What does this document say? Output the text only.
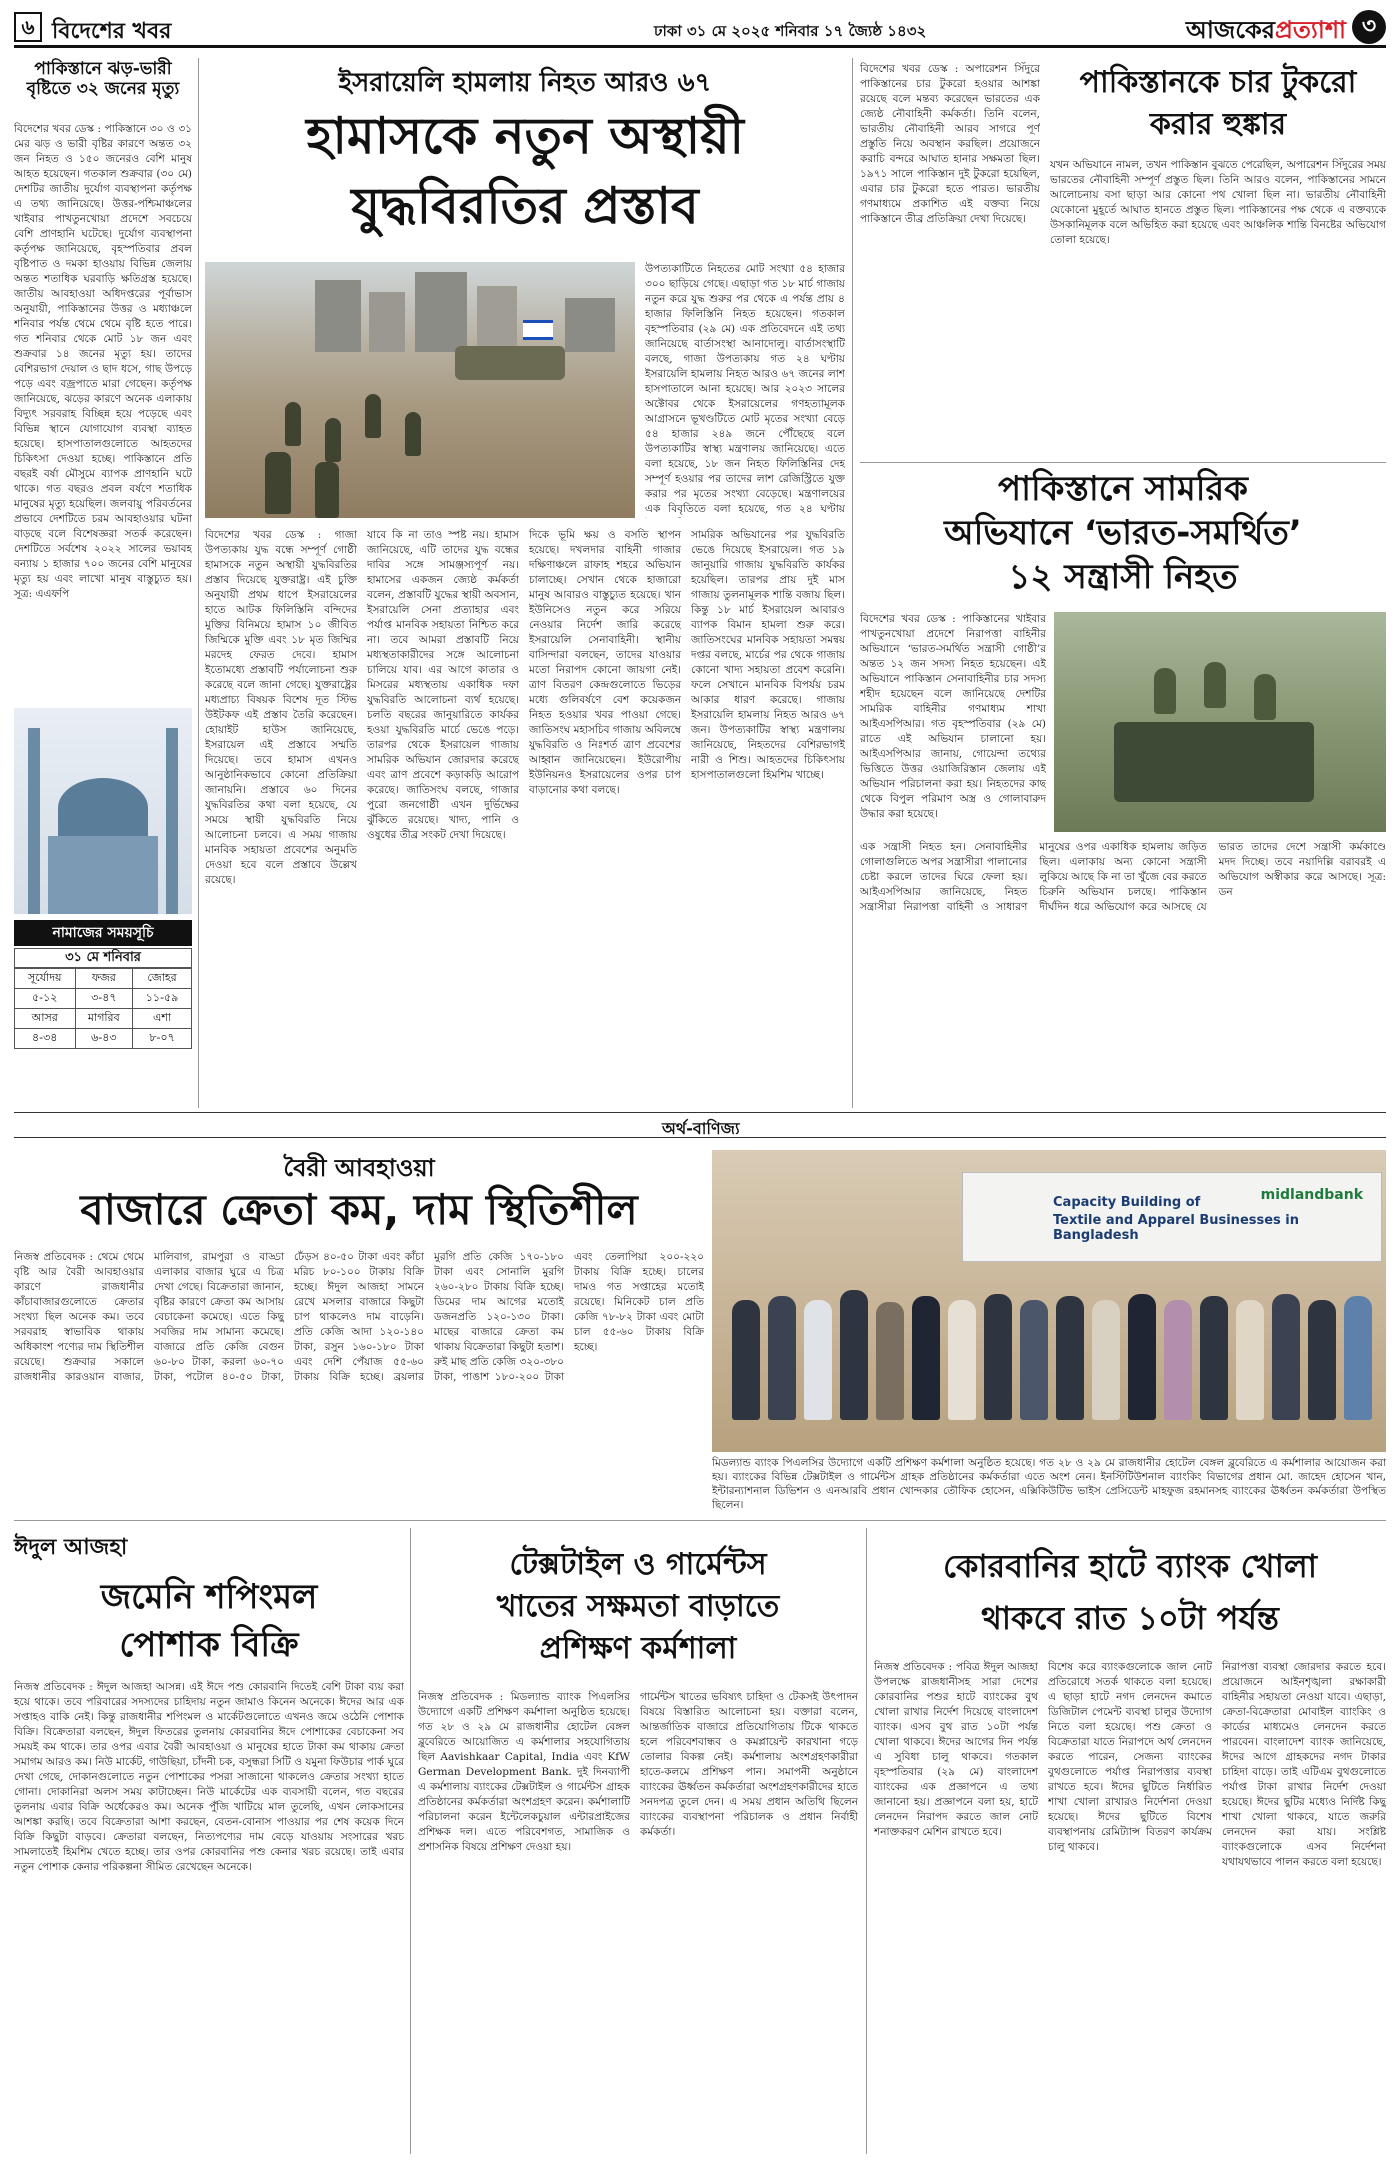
৬ বিদেশের খবর	ঢাকা ৩১ মে ২০২৫ শনিবার ১৭ জ্যৈষ্ঠ ১৪৩২	আজকেরপ্রত্যাশা ৩
পাকিস্তানে ঝড়-ভারী বৃষ্টিতে ৩২ জনের মৃত্যু
বিদেশের খবর ডেস্ক : পাকিস্তানে ৩০ ও ৩১ মের ঝড় ও ভারী বৃষ্টির কারণে অন্তত ৩২ জন নিহত ও ১৫০ জনেরও বেশি মানুষ আহত হয়েছেন। গতকাল শুক্রবার (৩০ মে) দেশটির জাতীয় দুর্যোগ ব্যবস্থাপনা কর্তৃপক্ষ এ তথ্য জানিয়েছে। উত্তর-পশ্চিমাঞ্চলের খাইবার পাখতুনখোয়া প্রদেশে সবচেয়ে বেশি প্রাণহানি ঘটেছে। দুর্যোগ ব্যবস্থাপনা কর্তৃপক্ষ জানিয়েছে, বৃহস্পতিবার প্রবল বৃষ্টিপাত ও দমকা হাওয়ায় বিভিন্ন জেলায় অন্তত শতাধিক ঘরবাড়ি ক্ষতিগ্রস্ত হয়েছে। জাতীয় আবহাওয়া অধিদপ্তরের পূর্বাভাস অনুযায়ী, পাকিস্তানের উত্তর ও মধ্যাঞ্চলে শনিবার পর্যন্ত থেমে থেমে বৃষ্টি হতে পারে। গত শনিবার থেকে মোট ১৮ জন এবং শুক্রবার ১৪ জনের মৃত্যু হয়। তাদের বেশিরভাগ দেয়াল ও ছাদ ধসে, গাছ উপড়ে পড়ে এবং বজ্রপাতে মারা গেছেন। কর্তৃপক্ষ জানিয়েছে, ঝড়ের কারণে অনেক এলাকায় বিদ্যুৎ সরবরাহ বিচ্ছিন্ন হয়ে পড়েছে এবং বিভিন্ন স্থানে যোগাযোগ ব্যবস্থা ব্যাহত হয়েছে। হাসপাতালগুলোতে আহতদের চিকিৎসা দেওয়া হচ্ছে। পাকিস্তানে প্রতি বছরই বর্ষা মৌসুমে ব্যাপক প্রাণহানি ঘটে থাকে। গত বছরও প্রবল বর্ষণে শতাধিক মানুষের মৃত্যু হয়েছিল। জলবায়ু পরিবর্তনের প্রভাবে দেশটিতে চরম আবহাওয়ার ঘটনা বাড়ছে বলে বিশেষজ্ঞরা সতর্ক করেছেন। দেশটিতে সর্বশেষ ২০২২ সালের ভয়াবহ বন্যায় ১ হাজার ৭০০ জনের বেশি মানুষের মৃত্যু হয় এবং লাখো মানুষ বাস্তুচ্যুত হয়। সূত্র: এএফপি
নামাজের সময়সূচি
৩১ মে শনিবার
সূর্যোদয়	ফজর	জোহর
৫-১২	৩-৪৭	১১-৫৯
আসর	মাগরিব	এশা
৪-৩৪	৬-৪৩	৮-০৭
ইসরায়েলি হামলায় নিহত আরও ৬৭
হামাসকে নতুন অস্থায়ী
যুদ্ধবিরতির প্রস্তাব
উপত্যকাটিতে নিহতের মোট সংখ্যা ৫৪ হাজার ৩০০ ছাড়িয়ে গেছে। এছাড়া গত ১৮ মার্চ গাজায় নতুন করে যুদ্ধ শুরুর পর থেকে এ পর্যন্ত প্রায় ৪ হাজার ফিলিস্তিনি নিহত হয়েছেন। গতকাল বৃহস্পতিবার (২৯ মে) এক প্রতিবেদনে এই তথ্য জানিয়েছে বার্তাসংস্থা আনাদোলু। বার্তাসংস্থাটি বলছে, গাজা উপত্যকায় গত ২৪ ঘণ্টায় ইসরায়েলি হামলায় নিহত আরও ৬৭ জনের লাশ হাসপাতালে আনা হয়েছে। আর ২০২৩ সালের অক্টোবর থেকে ইসরায়েলের গণহত্যামূলক আগ্রাসনে ভূখণ্ডটিতে মোট মৃতের সংখ্যা বেড়ে ৫৪ হাজার ২৪৯ জনে পৌঁছেছে বলে উপত্যকাটির স্বাস্থ্য মন্ত্রণালয় জানিয়েছে। এতে বলা হয়েছে, ১৮ জন নিহত ফিলিস্তিনির দেহ সম্পূর্ণ হওয়ার পর তাদের লাশ রেজিস্ট্রিতে যুক্ত করার পর মৃতের সংখ্যা বেড়েছে। মন্ত্রণালয়ের এক বিবৃতিতে বলা হয়েছে, গত ২৪ ঘণ্টায়
বিদেশের খবর ডেস্ক : গাজা উপত্যকায় যুদ্ধ বন্ধে সম্পূর্ণ গোষ্ঠী হামাসকে নতুন অস্থায়ী যুদ্ধবিরতির প্রস্তাব দিয়েছে যুক্তরাষ্ট্র। এই চুক্তি অনুযায়ী প্রথম ধাপে ইসরায়েলের হাতে আটক ফিলিস্তিনি বন্দিদের মুক্তির বিনিময়ে হামাস ১০ জীবিত জিম্মিকে মুক্তি এবং ১৮ মৃত জিম্মির মরদেহ ফেরত দেবে। হামাস ইতোমধ্যে প্রস্তাবটি পর্যালোচনা শুরু করেছে বলে জানা গেছে। যুক্তরাষ্ট্রের মধ্যপ্রাচ্য বিষয়ক বিশেষ দূত স্টিভ উইটকফ এই প্রস্তাব তৈরি করেছেন। হোয়াইট হাউস জানিয়েছে, ইসরায়েল এই প্রস্তাবে সম্মতি দিয়েছে। তবে হামাস এখনও আনুষ্ঠানিকভাবে কোনো প্রতিক্রিয়া জানায়নি। প্রস্তাবে ৬০ দিনের যুদ্ধবিরতির কথা বলা হয়েছে, যে সময়ে স্থায়ী যুদ্ধবিরতি নিয়ে আলোচনা চলবে। এ সময় গাজায় মানবিক সহায়তা প্রবেশের অনুমতি দেওয়া হবে বলে প্রস্তাবে উল্লেখ রয়েছে।
যাবে কি না তাও স্পষ্ট নয়। হামাস জানিয়েছে, এটি তাদের যুদ্ধ বন্ধের দাবির সঙ্গে সামঞ্জস্যপূর্ণ নয়। হামাসের একজন জ্যেষ্ঠ কর্মকর্তা বলেন, প্রস্তাবটি যুদ্ধের স্থায়ী অবসান, ইসরায়েলি সেনা প্রত্যাহার এবং পর্যাপ্ত মানবিক সহায়তা নিশ্চিত করে না। তবে আমরা প্রস্তাবটি নিয়ে মধ্যস্থতাকারীদের সঙ্গে আলোচনা চালিয়ে যাব। এর আগে কাতার ও মিসরের মধ্যস্থতায় একাধিক দফা যুদ্ধবিরতি আলোচনা ব্যর্থ হয়েছে। চলতি বছরের জানুয়ারিতে কার্যকর হওয়া যুদ্ধবিরতি মার্চে ভেঙে পড়ে। তারপর থেকে ইসরায়েল গাজায় সামরিক অভিযান জোরদার করেছে এবং ত্রাণ প্রবেশে কড়াকড়ি আরোপ করেছে। জাতিসংঘ বলছে, গাজার পুরো জনগোষ্ঠী এখন দুর্ভিক্ষের ঝুঁকিতে রয়েছে। খাদ্য, পানি ও ওষুধের তীব্র সংকট দেখা দিয়েছে।
দিকে ভূমি ক্ষয় ও বসতি স্থাপন হয়েছে। দখলদার বাহিনী গাজার দক্ষিণাঞ্চলে রাফাহ শহরে অভিযান চালাচ্ছে। সেখান থেকে হাজারো মানুষ আবারও বাস্তুচ্যুত হয়েছে। খান ইউনিসেও নতুন করে সরিয়ে নেওয়ার নির্দেশ জারি করেছে ইসরায়েলি সেনাবাহিনী। স্থানীয় বাসিন্দারা বলছেন, তাদের যাওয়ার মতো নিরাপদ কোনো জায়গা নেই। ত্রাণ বিতরণ কেন্দ্রগুলোতে ভিড়ের মধ্যে গুলিবর্ষণে বেশ কয়েকজন নিহত হওয়ার খবর পাওয়া গেছে। জাতিসংঘ মহাসচিব গাজায় অবিলম্বে যুদ্ধবিরতি ও নিঃশর্ত ত্রাণ প্রবেশের আহ্বান জানিয়েছেন। ইউরোপীয় ইউনিয়নও ইসরায়েলের ওপর চাপ বাড়ানোর কথা বলছে।
সামরিক অভিযানের পর যুদ্ধবিরতি ভেঙে দিয়েছে ইসরায়েল। গত ১৯ জানুয়ারি গাজায় যুদ্ধবিরতি কার্যকর হয়েছিল। তারপর প্রায় দুই মাস গাজায় তুলনামূলক শান্তি বজায় ছিল। কিন্তু ১৮ মার্চ ইসরায়েল আবারও ব্যাপক বিমান হামলা শুরু করে। জাতিসংঘের মানবিক সহায়তা সমন্বয় দপ্তর বলছে, মার্চের পর থেকে গাজায় কোনো খাদ্য সহায়তা প্রবেশ করেনি। ফলে সেখানে মানবিক বিপর্যয় চরম আকার ধারণ করেছে। গাজায় ইসরায়েলি হামলায় নিহত আরও ৬৭ জন। উপত্যকাটির স্বাস্থ্য মন্ত্রণালয় জানিয়েছে, নিহতদের বেশিরভাগই নারী ও শিশু। আহতদের চিকিৎসায় হাসপাতালগুলো হিমশিম খাচ্ছে।
বিদেশের খবর ডেস্ক : অপারেশন সিঁদুরে পাকিস্তানের চার টুকরো হওয়ার আশঙ্কা রয়েছে বলে মন্তব্য করেছেন ভারতের এক জ্যেষ্ঠ নৌবাহিনী কর্মকর্তা। তিনি বলেন, ভারতীয় নৌবাহিনী আরব সাগরে পূর্ণ প্রস্তুতি নিয়ে অবস্থান করছিল। প্রয়োজনে করাচি বন্দরে আঘাত হানার সক্ষমতা ছিল। ১৯৭১ সালে পাকিস্তান দুই টুকরো হয়েছিল, এবার চার টুকরো হতে পারত। ভারতীয় গণমাধ্যমে প্রকাশিত এই বক্তব্য নিয়ে পাকিস্তানে তীব্র প্রতিক্রিয়া দেখা দিয়েছে।
পাকিস্তানকে চার টুকরো
করার হুঙ্কার
যখন অভিযানে নামল, তখন পাকিস্তান বুঝতে পেরেছিল, অপারেশন সিঁদুরের সময় ভারতের নৌবাহিনী সম্পূর্ণ প্রস্তুত ছিল। তিনি আরও বলেন, পাকিস্তানের সামনে আলোচনায় বসা ছাড়া আর কোনো পথ খোলা ছিল না। ভারতীয় নৌবাহিনী যেকোনো মুহূর্তে আঘাত হানতে প্রস্তুত ছিল। পাকিস্তানের পক্ষ থেকে এ বক্তব্যকে উসকানিমূলক বলে অভিহিত করা হয়েছে এবং আঞ্চলিক শান্তি বিনষ্টের অভিযোগ তোলা হয়েছে।
পাকিস্তানে সামরিক
অভিযানে ‘ভারত-সমর্থিত’
১২ সন্ত্রাসী নিহত
বিদেশের খবর ডেস্ক : পাকিস্তানের খাইবার পাখতুনখোয়া প্রদেশে নিরাপত্তা বাহিনীর অভিযানে ‘ভারত-সমর্থিত সন্ত্রাসী গোষ্ঠী’র অন্তত ১২ জন সদস্য নিহত হয়েছেন। এই অভিযানে পাকিস্তান সেনাবাহিনীর চার সদস্য শহীদ হয়েছেন বলে জানিয়েছে দেশটির সামরিক বাহিনীর গণমাধ্যম শাখা আইএসপিআর। গত বৃহস্পতিবার (২৯ মে) রাতে এই অভিযান চালানো হয়। আইএসপিআর জানায়, গোয়েন্দা তথ্যের ভিত্তিতে উত্তর ওয়াজিরিস্তান জেলায় এই অভিযান পরিচালনা করা হয়। নিহতদের কাছ থেকে বিপুল পরিমাণ অস্ত্র ও গোলাবারুদ উদ্ধার করা হয়েছে।
এক সন্ত্রাসী নিহত হন। সেনাবাহিনীর গোলাগুলিতে অপর সন্ত্রাসীরা পালানোর চেষ্টা করলে তাদের ঘিরে ফেলা হয়। আইএসপিআর জানিয়েছে, নিহত সন্ত্রাসীরা নিরাপত্তা বাহিনী ও সাধারণ মানুষের ওপর একাধিক হামলায় জড়িত ছিল। এলাকায় অন্য কোনো সন্ত্রাসী লুকিয়ে আছে কি না তা খুঁজে বের করতে চিরুনি অভিযান চলছে। পাকিস্তান দীর্ঘদিন ধরে অভিযোগ করে আসছে যে ভারত তাদের দেশে সন্ত্রাসী কর্মকাণ্ডে মদদ দিচ্ছে। তবে নয়াদিল্লি বরাবরই এ অভিযোগ অস্বীকার করে আসছে। সূত্র: ডন
অর্থ-বাণিজ্য
বৈরী আবহাওয়া
বাজারে ক্রেতা কম, দাম স্থিতিশীল
নিজস্ব প্রতিবেদক : থেমে থেমে বৃষ্টি আর বৈরী আবহাওয়ার কারণে রাজধানীর কাঁচাবাজারগুলোতে ক্রেতার সংখ্যা ছিল অনেক কম। তবে সরবরাহ স্বাভাবিক থাকায় অধিকাংশ পণ্যের দাম স্থিতিশীল রয়েছে। শুক্রবার সকালে রাজধানীর কারওয়ান বাজার, মালিবাগ, রামপুরা ও বাড্ডা এলাকার বাজার ঘুরে এ চিত্র দেখা গেছে। বিক্রেতারা জানান, বৃষ্টির কারণে ক্রেতা কম আসায় বেচাকেনা কমেছে। এতে কিছু সবজির দাম সামান্য কমেছে। বাজারে প্রতি কেজি বেগুন ৬০-৮০ টাকা, করলা ৬০-৭০ টাকা, পটোল ৪০-৫০ টাকা, ঢেঁড়স ৪০-৫০ টাকা এবং কাঁচা মরিচ ৮০-১০০ টাকায় বিক্রি হচ্ছে। ঈদুল আজহা সামনে রেখে মসলার বাজারে কিছুটা চাপ থাকলেও দাম বাড়েনি। প্রতি কেজি আদা ১২০-১৪০ টাকা, রসুন ১৬০-১৮০ টাকা এবং দেশি পেঁয়াজ ৫৫-৬০ টাকায় বিক্রি হচ্ছে। ব্রয়লার মুরগি প্রতি কেজি ১৭০-১৮০ টাকা এবং সোনালি মুরগি ২৬০-২৮০ টাকায় বিক্রি হচ্ছে। ডিমের দাম আগের মতোই ডজনপ্রতি ১২০-১৩০ টাকা। মাছের বাজারে ক্রেতা কম থাকায় বিক্রেতারা কিছুটা হতাশ। রুই মাছ প্রতি কেজি ৩২০-৩৮০ টাকা, পাঙাশ ১৮০-২০০ টাকা এবং তেলাপিয়া ২০০-২২০ টাকায় বিক্রি হচ্ছে। চালের দামও গত সপ্তাহের মতোই রয়েছে। মিনিকেট চাল প্রতি কেজি ৭৮-৮২ টাকা এবং মোটা চাল ৫৫-৬০ টাকায় বিক্রি হচ্ছে।
Capacity Building of
Textile and Apparel Businesses in Bangladesh
midlandbank
মিডল্যান্ড ব্যাংক পিএলসির উদ্যোগে একটি প্রশিক্ষণ কর্মশালা অনুষ্ঠিত হয়েছে। গত ২৮ ও ২৯ মে রাজধানীর হোটেল বেঙ্গল ব্লুবেরিতে এ কর্মশালার আয়োজন করা হয়। ব্যাংকের বিভিন্ন টেক্সটাইল ও গার্মেন্টস গ্রাহক প্রতিষ্ঠানের কর্মকর্তারা এতে অংশ নেন। ইনস্টিটিউশনাল ব্যাংকিং বিভাগের প্রধান মো. জাহেদ হোসেন খান, ইন্টারন্যাশনাল ডিভিশন ও এনআরবি প্রধান খোন্দকার তৌফিক হোসেন, এক্সিকিউটিভ ভাইস প্রেসিডেন্ট মাহফুজ রহমানসহ ব্যাংকের ঊর্ধ্বতন কর্মকর্তারা উপস্থিত ছিলেন।
ঈদুল আজহা
জমেনি শপিংমল
পোশাক বিক্রি
নিজস্ব প্রতিবেদক : ঈদুল আজহা আসন্ন। এই ঈদে পশু কোরবানি দিতেই বেশি টাকা ব্যয় করা হয়ে থাকে। তবে পরিবারের সদস্যদের চাহিদায় নতুন জামাও কিনেন অনেকে। ঈদের আর এক সপ্তাহও বাকি নেই। কিন্তু রাজধানীর শপিংমল ও মার্কেটগুলোতে এখনও জমে ওঠেনি পোশাক বিক্রি। বিক্রেতারা বলছেন, ঈদুল ফিতরের তুলনায় কোরবানির ঈদে পোশাকের বেচাকেনা সব সময়ই কম থাকে। তার ওপর এবার বৈরী আবহাওয়া ও মানুষের হাতে টাকা কম থাকায় ক্রেতা সমাগম আরও কম। নিউ মার্কেট, গাউছিয়া, চাঁদনী চক, বসুন্ধরা সিটি ও যমুনা ফিউচার পার্ক ঘুরে দেখা গেছে, দোকানগুলোতে নতুন পোশাকের পসরা সাজানো থাকলেও ক্রেতার সংখ্যা হাতে গোনা। দোকানিরা অলস সময় কাটাচ্ছেন। নিউ মার্কেটের এক ব্যবসায়ী বলেন, গত বছরের তুলনায় এবার বিক্রি অর্ধেকেরও কম। অনেক পুঁজি খাটিয়ে মাল তুলেছি, এখন লোকসানের আশঙ্কা করছি। তবে বিক্রেতারা আশা করছেন, বেতন-বোনাস পাওয়ার পর শেষ কয়েক দিনে বিক্রি কিছুটা বাড়বে। ক্রেতারা বলছেন, নিত্যপণ্যের দাম বেড়ে যাওয়ায় সংসারের খরচ সামলাতেই হিমশিম খেতে হচ্ছে। তার ওপর কোরবানির পশু কেনার খরচ রয়েছে। তাই এবার নতুন পোশাক কেনার পরিকল্পনা সীমিত রেখেছেন অনেকে।
টেক্সটাইল ও গার্মেন্টস
খাতের সক্ষমতা বাড়াতে
প্রশিক্ষণ কর্মশালা
নিজস্ব প্রতিবেদক : মিডল্যান্ড ব্যাংক পিএলসির উদ্যোগে একটি প্রশিক্ষণ কর্মশালা অনুষ্ঠিত হয়েছে। গত ২৮ ও ২৯ মে রাজধানীর হোটেল বেঙ্গল ব্লুবেরিতে আয়োজিত এ কর্মশালার সহযোগিতায় ছিল Aavishkaar Capital, India এবং KfW German Development Bank. দুই দিনব্যাপী এ কর্মশালায় ব্যাংকের টেক্সটাইল ও গার্মেন্টস গ্রাহক প্রতিষ্ঠানের কর্মকর্তারা অংশগ্রহণ করেন। কর্মশালাটি পরিচালনা করেন ইন্টেলেকচুয়াল এন্টারপ্রাইজের প্রশিক্ষক দল। এতে পরিবেশগত, সামাজিক ও প্রশাসনিক বিষয়ে প্রশিক্ষণ দেওয়া হয়।
গার্মেন্টস খাতের ভবিষ্যৎ চাহিদা ও টেকসই উৎপাদন বিষয়ে বিস্তারিত আলোচনা হয়। বক্তারা বলেন, আন্তর্জাতিক বাজারে প্রতিযোগিতায় টিকে থাকতে হলে পরিবেশবান্ধব ও কমপ্লায়েন্ট কারখানা গড়ে তোলার বিকল্প নেই। কর্মশালায় অংশগ্রহণকারীরা হাতে-কলমে প্রশিক্ষণ পান। সমাপনী অনুষ্ঠানে ব্যাংকের ঊর্ধ্বতন কর্মকর্তারা অংশগ্রহণকারীদের হাতে সনদপত্র তুলে দেন। এ সময় প্রধান অতিথি ছিলেন ব্যাংকের ব্যবস্থাপনা পরিচালক ও প্রধান নির্বাহী কর্মকর্তা।
কোরবানির হাটে ব্যাংক খোলা
থাকবে রাত ১০টা পর্যন্ত
নিজস্ব প্রতিবেদক : পবিত্র ঈদুল আজহা উপলক্ষে রাজধানীসহ সারা দেশের কোরবানির পশুর হাটে ব্যাংকের বুথ খোলা রাখার নির্দেশ দিয়েছে বাংলাদেশ ব্যাংক। এসব বুথ রাত ১০টা পর্যন্ত খোলা থাকবে। ঈদের আগের দিন পর্যন্ত এ সুবিধা চালু থাকবে। গতকাল বৃহস্পতিবার (২৯ মে) বাংলাদেশ ব্যাংকের এক প্রজ্ঞাপনে এ তথ্য জানানো হয়। প্রজ্ঞাপনে বলা হয়, হাটে লেনদেন নিরাপদ করতে জাল নোট শনাক্তকরণ মেশিন রাখতে হবে।
বিশেষ করে ব্যাংকগুলোকে জাল নোট প্রতিরোধে সতর্ক থাকতে বলা হয়েছে। এ ছাড়া হাটে নগদ লেনদেন কমাতে ডিজিটাল পেমেন্ট ব্যবস্থা চালুর উদ্যোগ নিতে বলা হয়েছে। পশু ক্রেতা ও বিক্রেতারা যাতে নিরাপদে অর্থ লেনদেন করতে পারেন, সেজন্য ব্যাংকের বুথগুলোতে পর্যাপ্ত নিরাপত্তার ব্যবস্থা রাখতে হবে। ঈদের ছুটিতে নির্ধারিত শাখা খোলা রাখারও নির্দেশনা দেওয়া হয়েছে। ঈদের ছুটিতে বিশেষ ব্যবস্থাপনায় রেমিট্যান্স বিতরণ কার্যক্রম চালু থাকবে।
নিরাপত্তা ব্যবস্থা জোরদার করতে হবে। প্রয়োজনে আইনশৃঙ্খলা রক্ষাকারী বাহিনীর সহায়তা নেওয়া যাবে। এছাড়া, ক্রেতা-বিক্রেতারা মোবাইল ব্যাংকিং ও কার্ডের মাধ্যমেও লেনদেন করতে পারবেন। বাংলাদেশ ব্যাংক জানিয়েছে, ঈদের আগে গ্রাহকদের নগদ টাকার চাহিদা বাড়ে। তাই এটিএম বুথগুলোতে পর্যাপ্ত টাকা রাখার নির্দেশ দেওয়া হয়েছে। ঈদের ছুটির মধ্যেও নির্দিষ্ট কিছু শাখা খোলা থাকবে, যাতে জরুরি লেনদেন করা যায়। সংশ্লিষ্ট ব্যাংকগুলোকে এসব নির্দেশনা যথাযথভাবে পালন করতে বলা হয়েছে।
